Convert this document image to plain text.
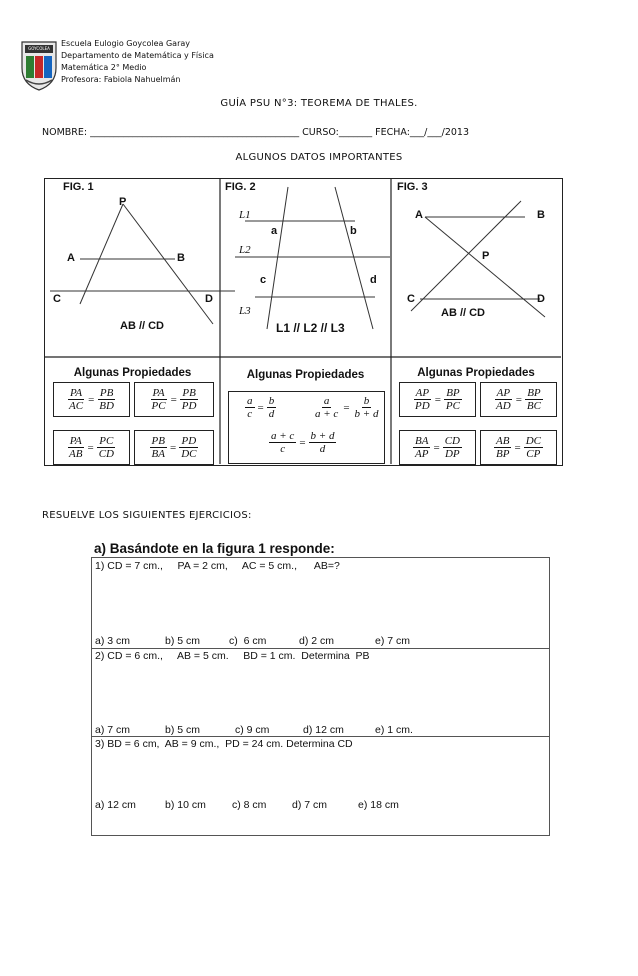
GOYCOLEA
Escuela Eulogio Goycolea Garay
Departamento de Matemática y Física
Matemática 2° Medio
Profesora: Fabiola Nahuelmán
GUÍA PSU N°3: TEOREMA DE THALES.
NOMBRE: ____________________________________________ CURSO:_______ FECHA:___/___/2013
ALGUNOS DATOS IMPORTANTES
FIG. 1
P
A	B
C	D
AB // CD
FIG. 2
L1
L2
L3
a	b
c	d
L1 // L2 // L3
FIG. 3
A	B
P
C	D
AB // CD
Algunas Propiedades	Algunas Propiedades	Algunas Propiedades
$\frac{PA}{AC} = \frac{PB}{BD}$	$\frac{PA}{PC} = \frac{PB}{PD}$
$\frac{PA}{AB} = \frac{PC}{CD}$	$\frac{PB}{BA} = \frac{PD}{DC}$
$\frac{a}{c} = \frac{b}{d}$	$\frac{a}{a + c} = \frac{b}{b + d}$
$\frac{a + c}{c} = \frac{b + d}{d}$
$\frac{AP}{PD} = \frac{BP}{PC}$	$\frac{AP}{AD} = \frac{BP}{BC}$
$\frac{BA}{AP} = \frac{CD}{DP}$	$\frac{AB}{BP} = \frac{DC}{CP}$
RESUELVE LOS SIGUIENTES EJERCICIOS:
a) Basándote en la figura 1 responde:
1) CD = 7 cm.,     PA = 2 cm,     AC = 5 cm.,      AB=?
a) 3 cm	b) 5 cm	c)  6 cm	d) 2 cm	e) 7 cm
2) CD = 6 cm.,     AB = 5 cm.     BD = 1 cm.  Determina  PB
a) 7 cm	b) 5 cm	c) 9 cm	d) 12 cm	e) 1 cm.
3) BD = 6 cm,  AB = 9 cm.,  PD = 24 cm. Determina CD
a) 12 cm	b) 10 cm c) 8 cm d) 7 cm	e) 18 cm
